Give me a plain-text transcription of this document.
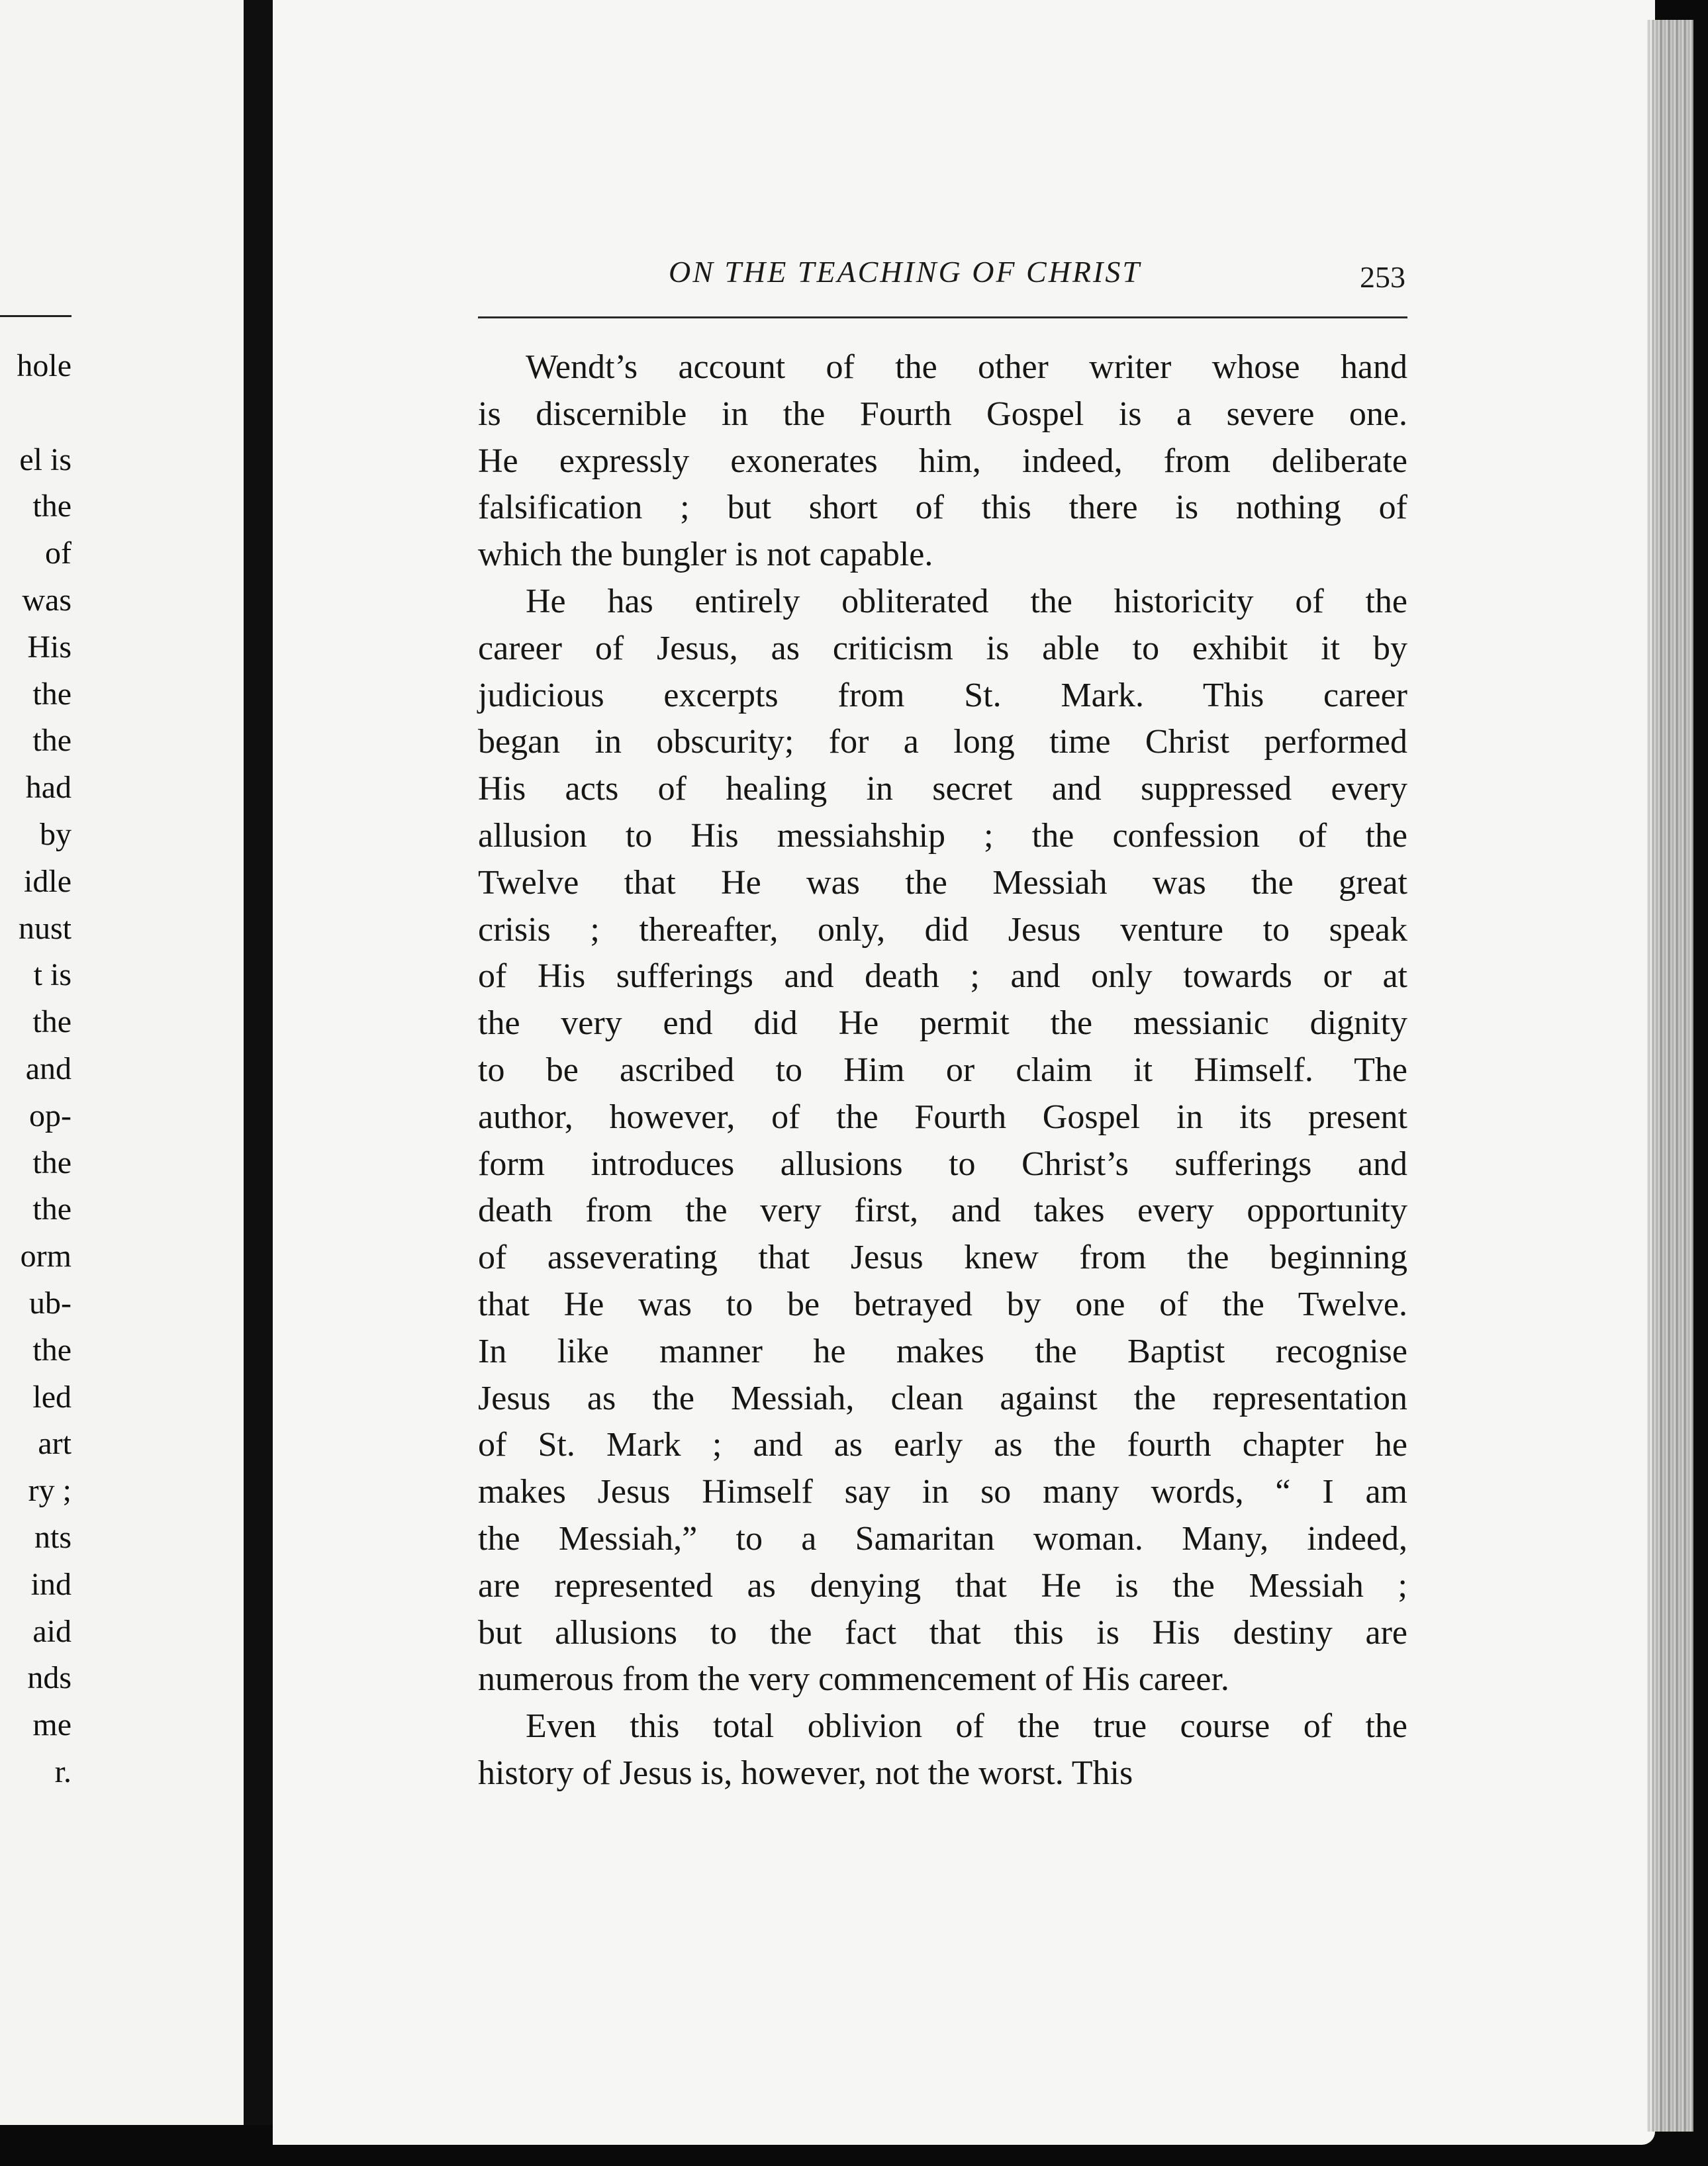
hole

el is
the
of
was
His
the
the
had
by
idle
nust
t is
the
and
op-
the
the
orm
ub-
the
led
art
ry ;
nts
ind
aid
nds
me
r.
ON THE TEACHING OF CHRIST	253
Wendt’s account of the other writer whose hand
is discernible in the Fourth Gospel is a severe one.
He expressly exonerates him, indeed, from deliberate
falsification ; but short of this there is nothing of
which the bungler is not capable.
He has entirely obliterated the historicity of the
career of Jesus, as criticism is able to exhibit it by
judicious excerpts from St. Mark. This career
began in obscurity; for a long time Christ performed
His acts of healing in secret and suppressed every
allusion to His messiahship ; the confession of the
Twelve that He was the Messiah was the great
crisis ; thereafter, only, did Jesus venture to speak
of His sufferings and death ; and only towards or at
the very end did He permit the messianic dignity
to be ascribed to Him or claim it Himself. The
author, however, of the Fourth Gospel in its present
form introduces allusions to Christ’s sufferings and
death from the very first, and takes every opportunity
of asseverating that Jesus knew from the beginning
that He was to be betrayed by one of the Twelve.
In like manner he makes the Baptist recognise
Jesus as the Messiah, clean against the representation
of St. Mark ; and as early as the fourth chapter he
makes Jesus Himself say in so many words, “ I am
the Messiah,” to a Samaritan woman. Many, indeed,
are represented as denying that He is the Messiah ;
but allusions to the fact that this is His destiny are
numerous from the very commencement of His career.
Even this total oblivion of the true course of the
history of Jesus is, however, not the worst. This
